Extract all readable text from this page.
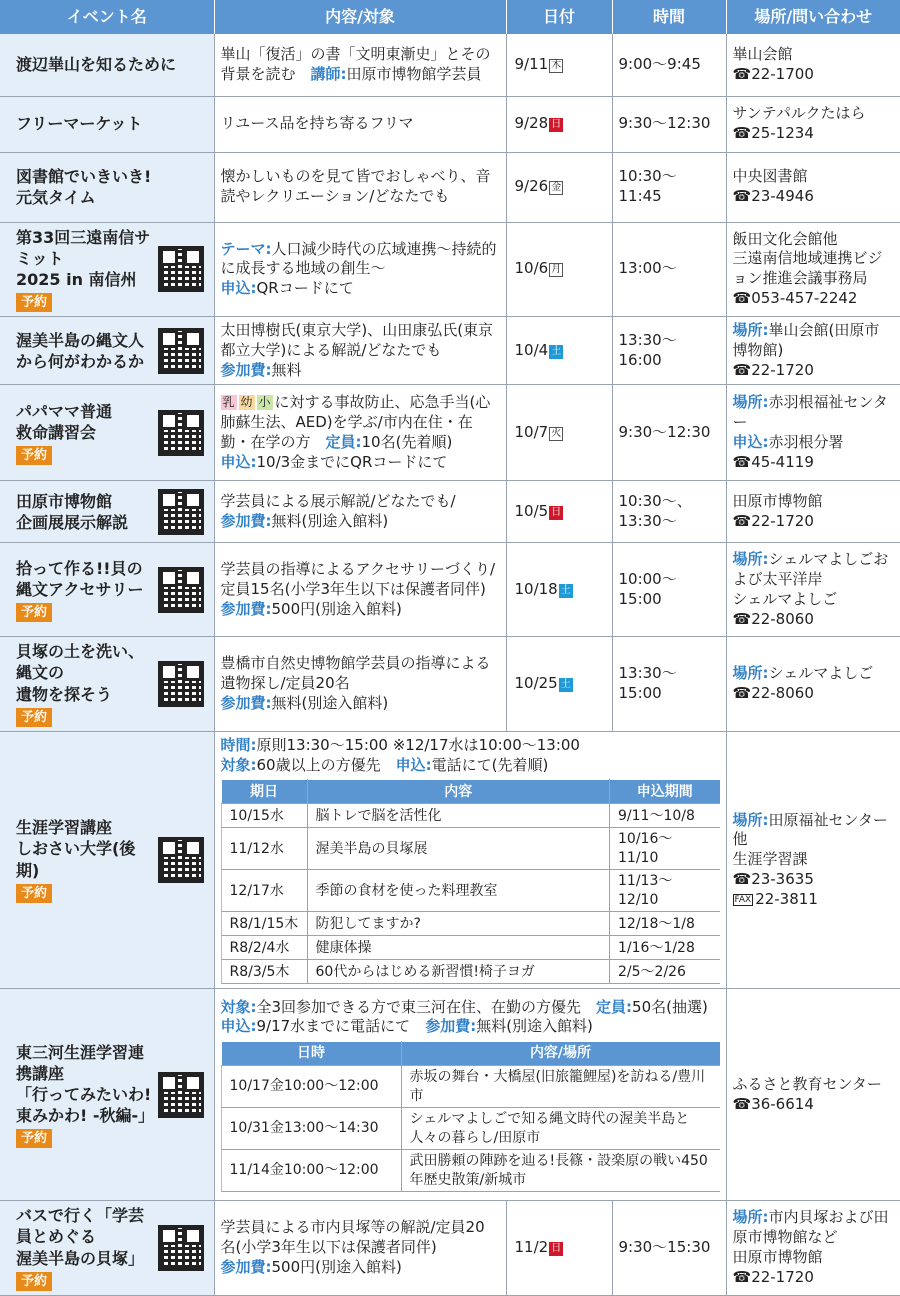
イベント名	内容/対象	日付	時間	場所/問い合わせ

渡辺崋山を知るために
	崋山「復活」の書「文明東漸史」とその背景を読む　講師:田原市博物館学芸員	9/11 木	9:00～9:45	
崋山会館
☎22-1700

フリーマーケット	リユース品を持ち寄るフリマ	9/28 日	9:30～12:30	
サンテパルクたはら
☎25-1234

図書館でいきいき!
元気タイム
	懐かしいものを見て皆でおしゃべり、音読やレクリエーション/どなたでも	9/26 金	10:30～11:45	
中央図書館
☎23-4946

第33回三遠南信サミット
2025 in 南信州
予約

テーマ:人口減少時代の広域連携～持続的に成長する地域の創生～
申込:QRコードにて
	10/6 月	13:00～	
飯田文化会館他
三遠南信地域連携ビジョン推進会議事務局
☎053-457-2242

渥美半島の縄文人
から何がわかるか

太田博樹氏(東京大学)、山田康弘氏(東京都立大学)による解説/どなたでも
参加費:無料
	10/4 土	13:30～16:00	
場所:崋山会館(田原市博物館)
☎22-1720

パパママ普通
救命講習会
予約
	乳 幼 小 に対する事故防止、応急手当(心肺蘇生法、AED)を学ぶ/市内在住・在勤・在学の方　定員:10名(先着順)
申込:10/3金までにQRコードにて
	10/7 火	9:30～12:30	
場所:赤羽根福祉センター
申込:赤羽根分署
☎45-4119

田原市博物館
企画展展示解説

学芸員による展示解説/どなたでも/
参加費:無料(別途入館料)
	10/5 日	10:30～、13:30～	
田原市博物館
☎22-1720

拾って作る!!貝の
縄文アクセサリー
予約

学芸員の指導によるアクセサリーづくり/定員15名(小学3年生以下は保護者同伴)
参加費:500円(別途入館料)
	10/18 土	10:00～15:00	
場所:シェルマよしごおよび太平洋岸
シェルマよしご
☎22-8060

貝塚の土を洗い、縄文の
遺物を探そう
予約

豊橋市自然史博物館学芸員の指導による遺物探し/定員20名
参加費:無料(別途入館料)
	10/25 土	13:30～15:00	
場所:シェルマよしご
☎22-8060

生涯学習講座
しおさい大学(後期)
予約

時間:原則13:30～15:00 ※12/17水は10:00～13:00
対象:60歳以上の方優先　申込:電話にて(先着順)
期日	内容	申込期間
10/15水	脳トレで脳を活性化	9/11～10/8
11/12水	渥美半島の貝塚展	10/16～11/10
12/17水	季節の食材を使った料理教室	11/13～12/10
R8/1/15木	防犯してますか?	12/18～1/8
R8/2/4水	健康体操	1/16～1/28
R8/3/5木	60代からはじめる新習慣!椅子ヨガ	2/5～2/26

場所:田原福祉センター他
生涯学習課
☎23-3635
FAX 22-3811

東三河生涯学習連携講座
「行ってみたいわ!
東みかわ! -秋編-」
予約

対象:全3回参加できる方で東三河在住、在勤の方優先　定員:50名(抽選)
申込:9/17水までに電話にて　参加費:無料(別途入館料)
日時	内容/場所
10/17金10:00～12:00	赤坂の舞台・大橋屋(旧旅籠鯉屋)を訪ねる/豊川市
10/31金13:00～14:30	シェルマよしごで知る縄文時代の渥美半島と人々の暮らし/田原市
11/14金10:00～12:00	武田勝頼の陣跡を辿る!長篠・設楽原の戦い450年歴史散策/新城市

ふるさと教育センター
☎36-6614

バスで行く「学芸員とめぐる
渥美半島の貝塚」
予約

学芸員による市内貝塚等の解説/定員20名(小学3年生以下は保護者同伴)
参加費:500円(別途入館料)
	11/2 日	9:30～15:30	
場所:市内貝塚および田原市博物館など
田原市博物館
☎22-1720
